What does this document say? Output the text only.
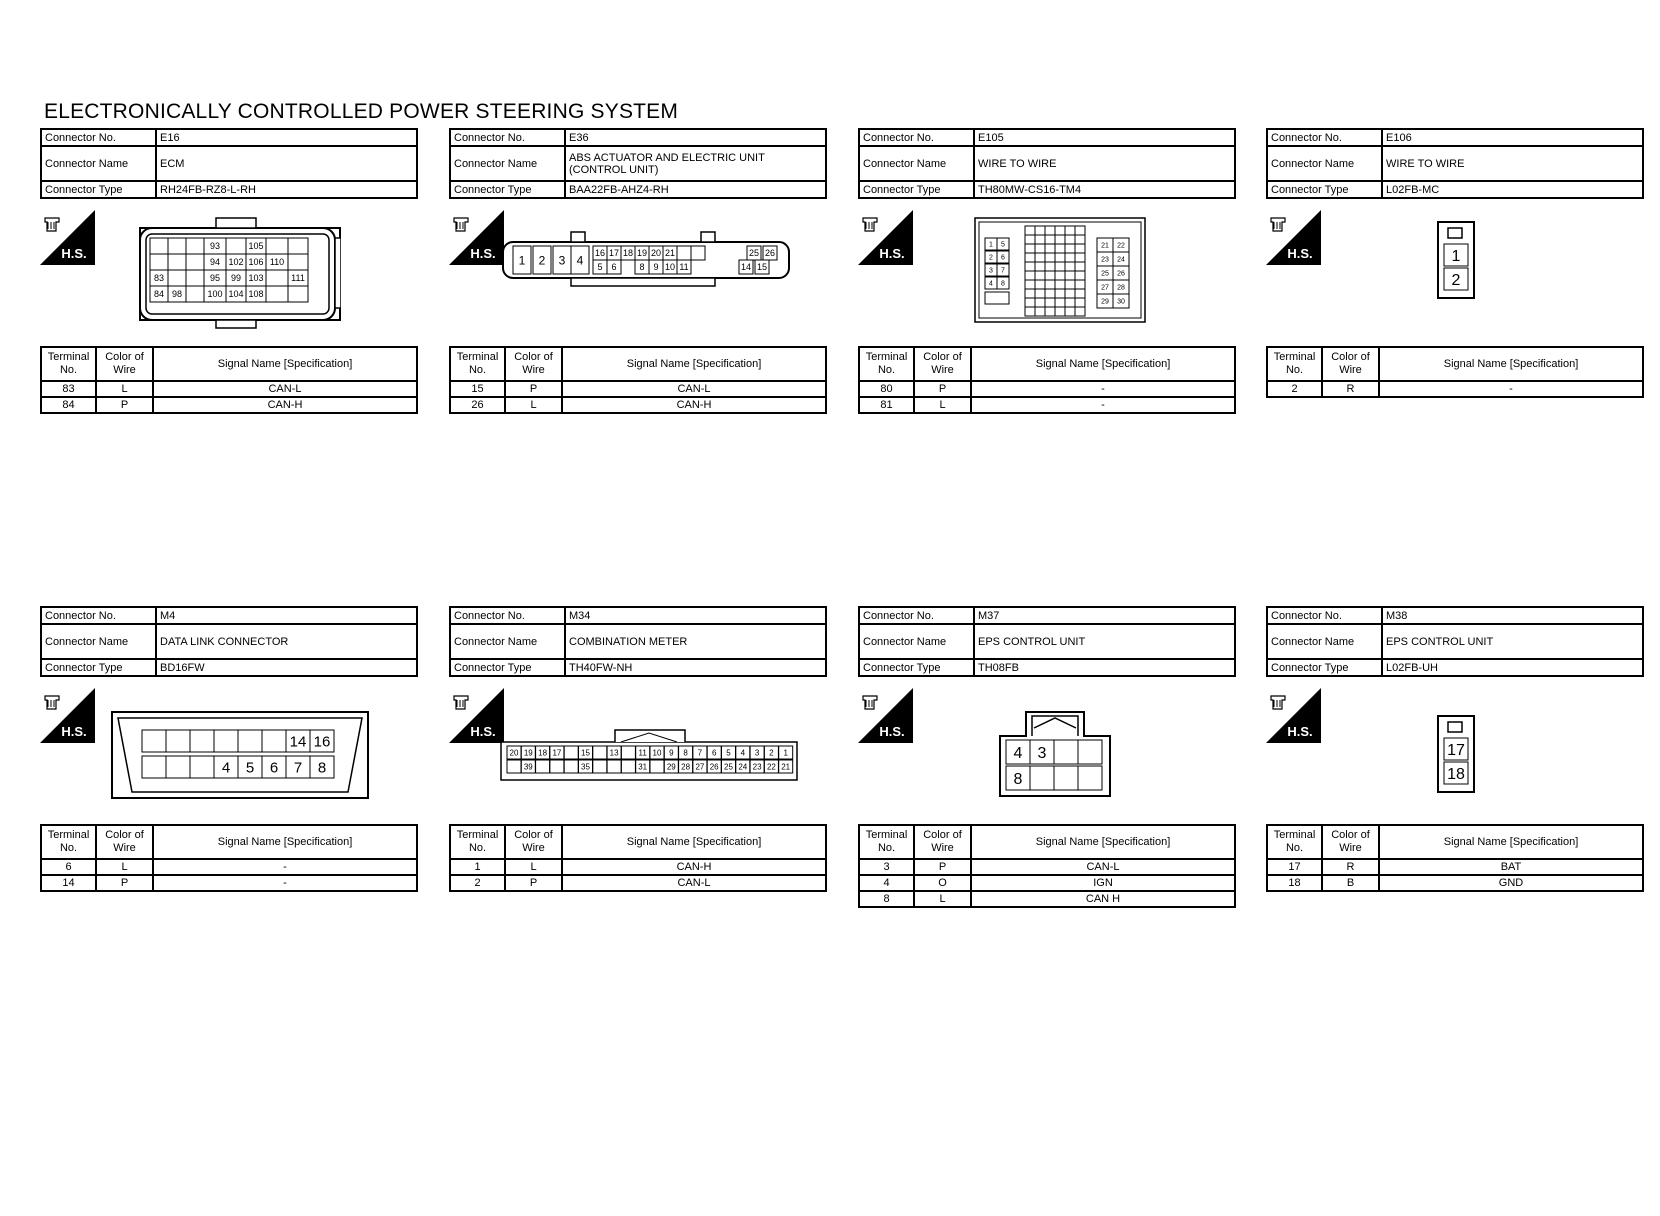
ELECTRONICALLY CONTROLLED POWER STEERING SYSTEM
Connector No.	E16
Connector Name	ECM
Connector Type	RH24FB-RZ8-L-RH
H.S.	93	105
94 102 106 110
83	95 99 103	111
84 98	100 104 108
Terminal No.	Color of Wire	Signal Name [Specification]
83	L	CAN-L
84	P	CAN-H
Connector No.	E36
Connector Name	ABS ACTUATOR AND ELECTRIC UNIT (CONTROL UNIT)
Connector Type	BAA22FB-AHZ4-RH
H.S. 1 2 3 4
16 17 18 19 20 21	25 26
5 6	8 9 10 11	14 15
Terminal No.	Color of Wire	Signal Name [Specification]
15	P	CAN-L
26	L	CAN-H
Connector No.	E105
Connector Name	WIRE TO WIRE
Connector Type	TH80MW-CS16-TM4
H.S.
1 5
2 6
3 7
4 8
21 22
23 24
25 26
27 28
29 30
Terminal No.	Color of Wire	Signal Name [Specification]
80	P	-
81	L	-
Connector No.	E106
Connector Name	WIRE TO WIRE
Connector Type	L02FB-MC
H.S.	1
2
Terminal No.	Color of Wire	Signal Name [Specification]
2	R	-
Connector No.	M4
Connector Name	DATA LINK CONNECTOR
Connector Type	BD16FW
H.S.
14 16
4 5 6 7 8
Terminal No.	Color of Wire	Signal Name [Specification]
6	L	-
14	P	-
Connector No.	M34
Connector Name	COMBINATION METER
Connector Type	TH40FW-NH
H.S.
20 19 18 17 15 13 11 10 9 8 7 6 5 4 3 2 1
39	35	31 29 28 27 26 25 24 23 22 21
Terminal No.	Color of Wire	Signal Name [Specification]
1	L	CAN-H
2	P	CAN-L
Connector No.	M37
Connector Name	EPS CONTROL UNIT
Connector Type	TH08FB
H.S.
4 3
8
Terminal No.	Color of Wire	Signal Name [Specification]
3	P	CAN-L
4	O	IGN
8	L	CAN H
Connector No.	M38
Connector Name	EPS CONTROL UNIT
Connector Type	L02FB-UH
H.S.
17
18
Terminal No.	Color of Wire	Signal Name [Specification]
17	R	BAT
18	B	GND
